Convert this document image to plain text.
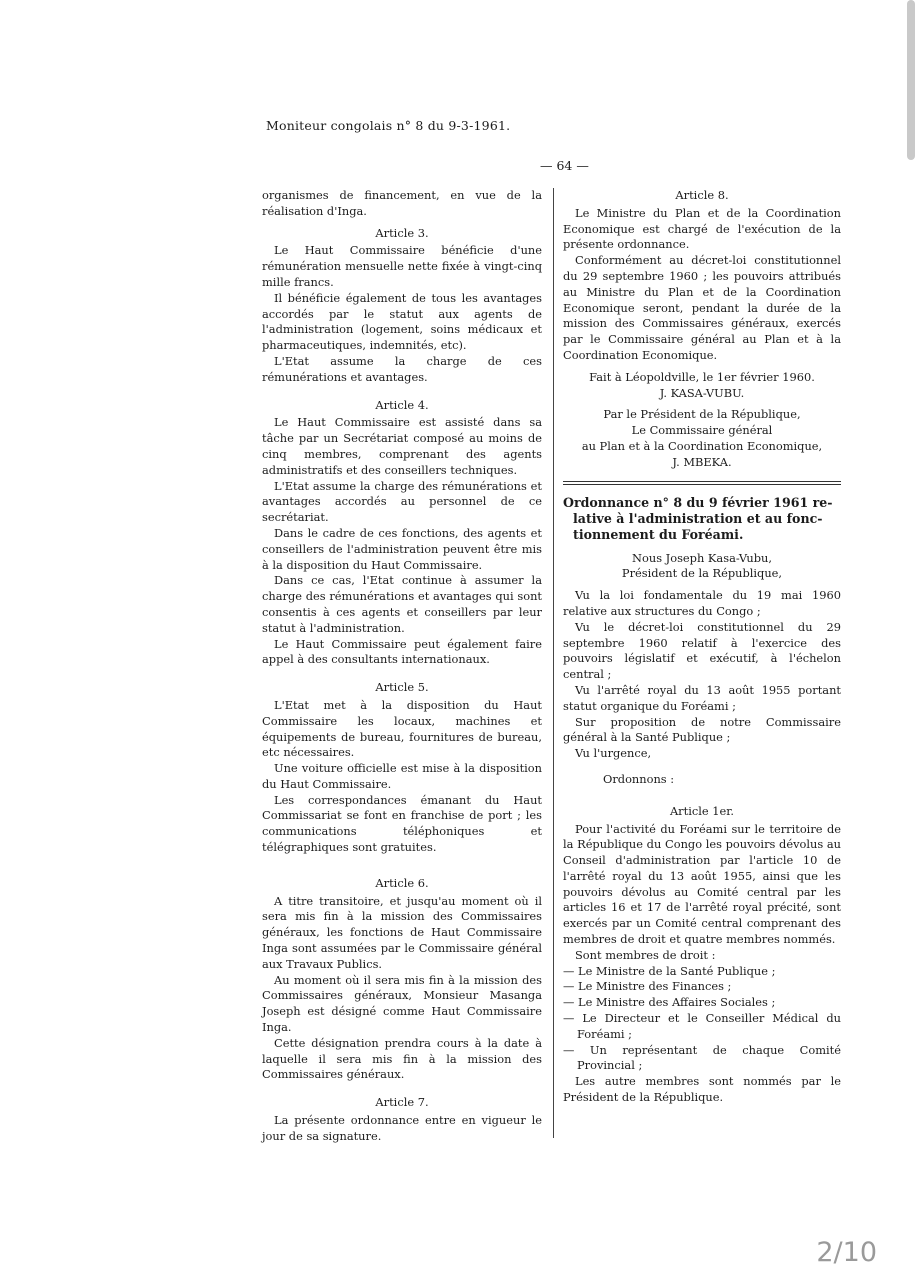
Moniteur congolais n° 8 du 9-3-1961.
— 64 —

organismes de financement, en vue de la réalisation d'Inga.

Article 3.

Le Haut Commissaire bénéficie d'une rémunération mensuelle nette fixée à vingt-cinq mille francs.

Il bénéficie également de tous les avantages accordés par le statut aux agents de l'administration (logement, soins médicaux et pharmaceutiques, indemnités, etc).

L'Etat assume la charge de ces rémunérations et avantages.

Article 4.

Le Haut Commissaire est assisté dans sa tâche par un Secrétariat composé au moins de cinq membres, comprenant des agents administratifs et des conseillers techniques.

L'Etat assume la charge des rémunérations et avantages accordés au personnel de ce secrétariat.

Dans le cadre de ces fonctions, des agents et conseillers de l'administration peuvent être mis à la disposition du Haut Commissaire.

Dans ce cas, l'Etat continue à assumer la charge des rémunérations et avantages qui sont consentis à ces agents et conseillers par leur statut à l'administration.

Le Haut Commissaire peut également faire appel à des consultants internationaux.

Article 5.

L'Etat met à la disposition du Haut Commissaire les locaux, machines et équipements de bureau, fournitures de bureau, etc nécessaires.

Une voiture officielle est mise à la disposition du Haut Commissaire.

Les correspondances émanant du Haut Commissariat se font en franchise de port ; les communications téléphoniques et télégraphiques sont gratuites.

Article 6.

A titre transitoire, et jusqu'au moment où il sera mis fin à la mission des Commissaires généraux, les fonctions de Haut Commissaire Inga sont assumées par le Commissaire général aux Travaux Publics.

Au moment où il sera mis fin à la mission des Commissaires généraux, Monsieur Masanga Joseph est désigné comme Haut Commissaire Inga.

Cette désignation prendra cours à la date à laquelle il sera mis fin à la mission des Commissaires généraux.

Article 7.

La présente ordonnance entre en vigueur le jour de sa signature.

Article 8.

Le Ministre du Plan et de la Coordination Economique est chargé de l'exécution de la présente ordonnance.

Conformément au décret-loi constitutionnel du 29 septembre 1960 ; les pouvoirs attribués au Ministre du Plan et de la Coordination Economique seront, pendant la durée de la mission des Commissaires généraux, exercés par le Commissaire général au Plan et à la Coordination Economique.

Fait à Léopoldville, le 1er février 1960.

J. KASA-VUBU.

Par le Président de la République,

Le Commissaire général

au Plan et à la Coordination Economique,

J. MBEKA.

Ordonnance n° 8 du 9 février 1961 re-
lative à l'administration et au fonc-
tionnement du Foréami.

Nous Joseph Kasa-Vubu,

Président de la République,

Vu la loi fondamentale du 19 mai 1960 relative aux structures du Congo ;

Vu le décret-loi constitutionnel du 29 septembre 1960 relatif à l'exercice des pouvoirs législatif et exécutif, à l'échelon central ;

Vu l'arrêté royal du 13 août 1955 portant statut organique du Foréami ;

Sur proposition de notre Commissaire général à la Santé Publique ;

Vu l'urgence,

Ordonnons :

Article 1er.

Pour l'activité du Foréami sur le territoire de la République du Congo les pouvoirs dévolus au Conseil d'administration par l'article 10 de l'arrêté royal du 13 août 1955, ainsi que les pouvoirs dévolus au Comité central par les articles 16 et 17 de l'arrêté royal précité, sont exercés par un Comité central comprenant des membres de droit et quatre membres nommés.

Sont membres de droit :

— Le Ministre de la Santé Publique ;

— Le Ministre des Finances ;

— Le Ministre des Affaires Sociales ;

— Le Directeur et le Conseiller Médical du Foréami ;

— Un représentant de chaque Comité Provincial ;

Les autre membres sont nommés par le Président de la République.

2/10
